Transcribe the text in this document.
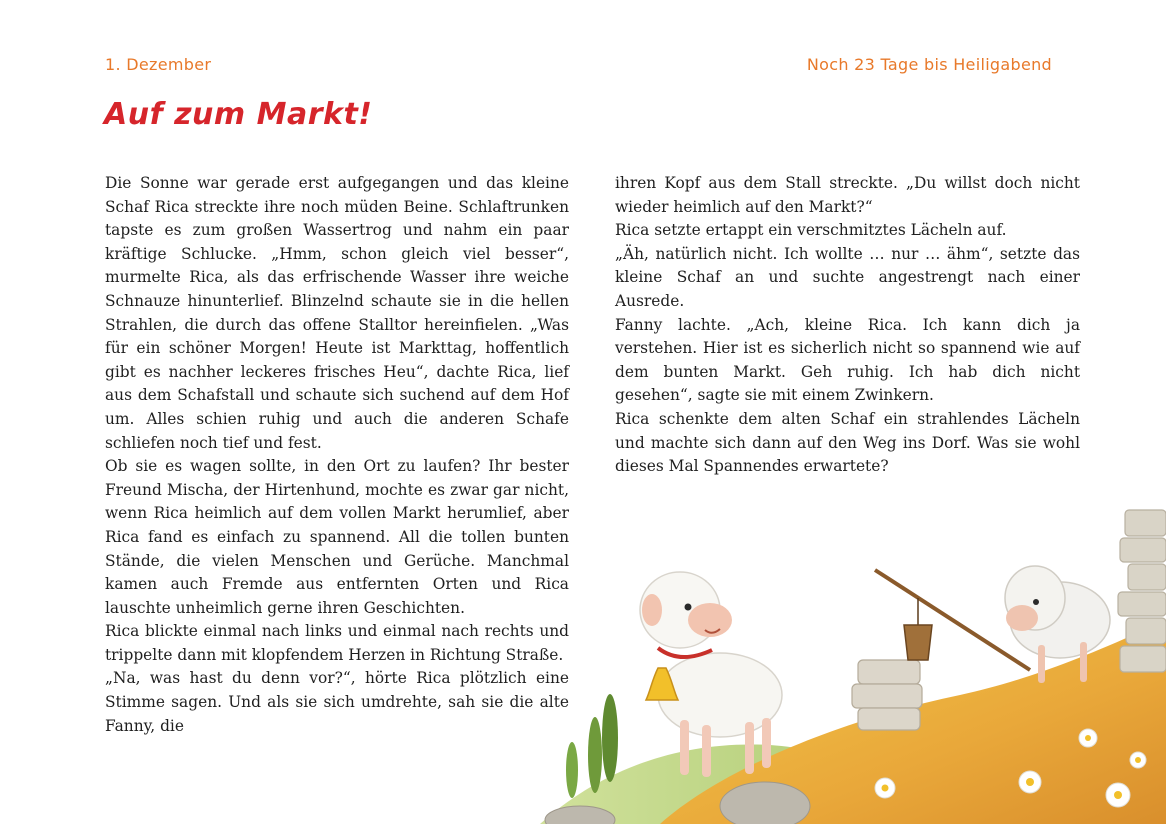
1. Dezember	Noch 23 Tage bis Heiligabend
Auf zum Markt!

Die Sonne war gerade erst aufgegangen und das kleine Schaf Rica streckte ihre noch müden Beine. Schlaftrunken tapste es zum großen Wassertrog und nahm ein paar kräftige Schlucke. „Hmm, schon gleich viel besser“, murmelte Rica, als das erfrischende Wasser ihre weiche Schnauze hinunterlief. Blinzelnd schaute sie in die hellen Strahlen, die durch das offene Stalltor hereinfielen. „Was für ein schöner Morgen! Heute ist Markttag, hoffentlich gibt es nachher leckeres frisches Heu“, dachte Rica, lief aus dem Schafstall und schaute sich suchend auf dem Hof um. Alles schien ruhig und auch die anderen Schafe schliefen noch tief und fest.

Ob sie es wagen sollte, in den Ort zu laufen? Ihr bester Freund Mischa, der Hirtenhund, mochte es zwar gar nicht, wenn Rica heimlich auf dem vollen Markt herumlief, aber Rica fand es einfach zu spannend. All die tollen bunten Stände, die vielen Menschen und Gerüche. Manchmal kamen auch Fremde aus entfernten Orten und Rica lauschte unheimlich gerne ihren Geschichten.

Rica blickte einmal nach links und einmal nach rechts und trippelte dann mit klopfendem Herzen in Richtung Straße.

„Na, was hast du denn vor?“, hörte Rica plötzlich eine Stimme sagen. Und als sie sich umdrehte, sah sie die alte Fanny, die

ihren Kopf aus dem Stall streckte. „Du willst doch nicht wieder heimlich auf den Markt?“

Rica setzte ertappt ein verschmitztes Lächeln auf.

„Äh, natürlich nicht. Ich wollte … nur … ähm“, setzte das kleine Schaf an und suchte angestrengt nach einer Ausrede.

Fanny lachte. „Ach, kleine Rica. Ich kann dich ja verstehen. Hier ist es sicherlich nicht so spannend wie auf dem bunten Markt. Geh ruhig. Ich hab dich nicht gesehen“, sagte sie mit einem Zwinkern.

Rica schenkte dem alten Schaf ein strahlendes Lächeln und machte sich dann auf den Weg ins Dorf. Was sie wohl dieses Mal Spannendes erwartete?
